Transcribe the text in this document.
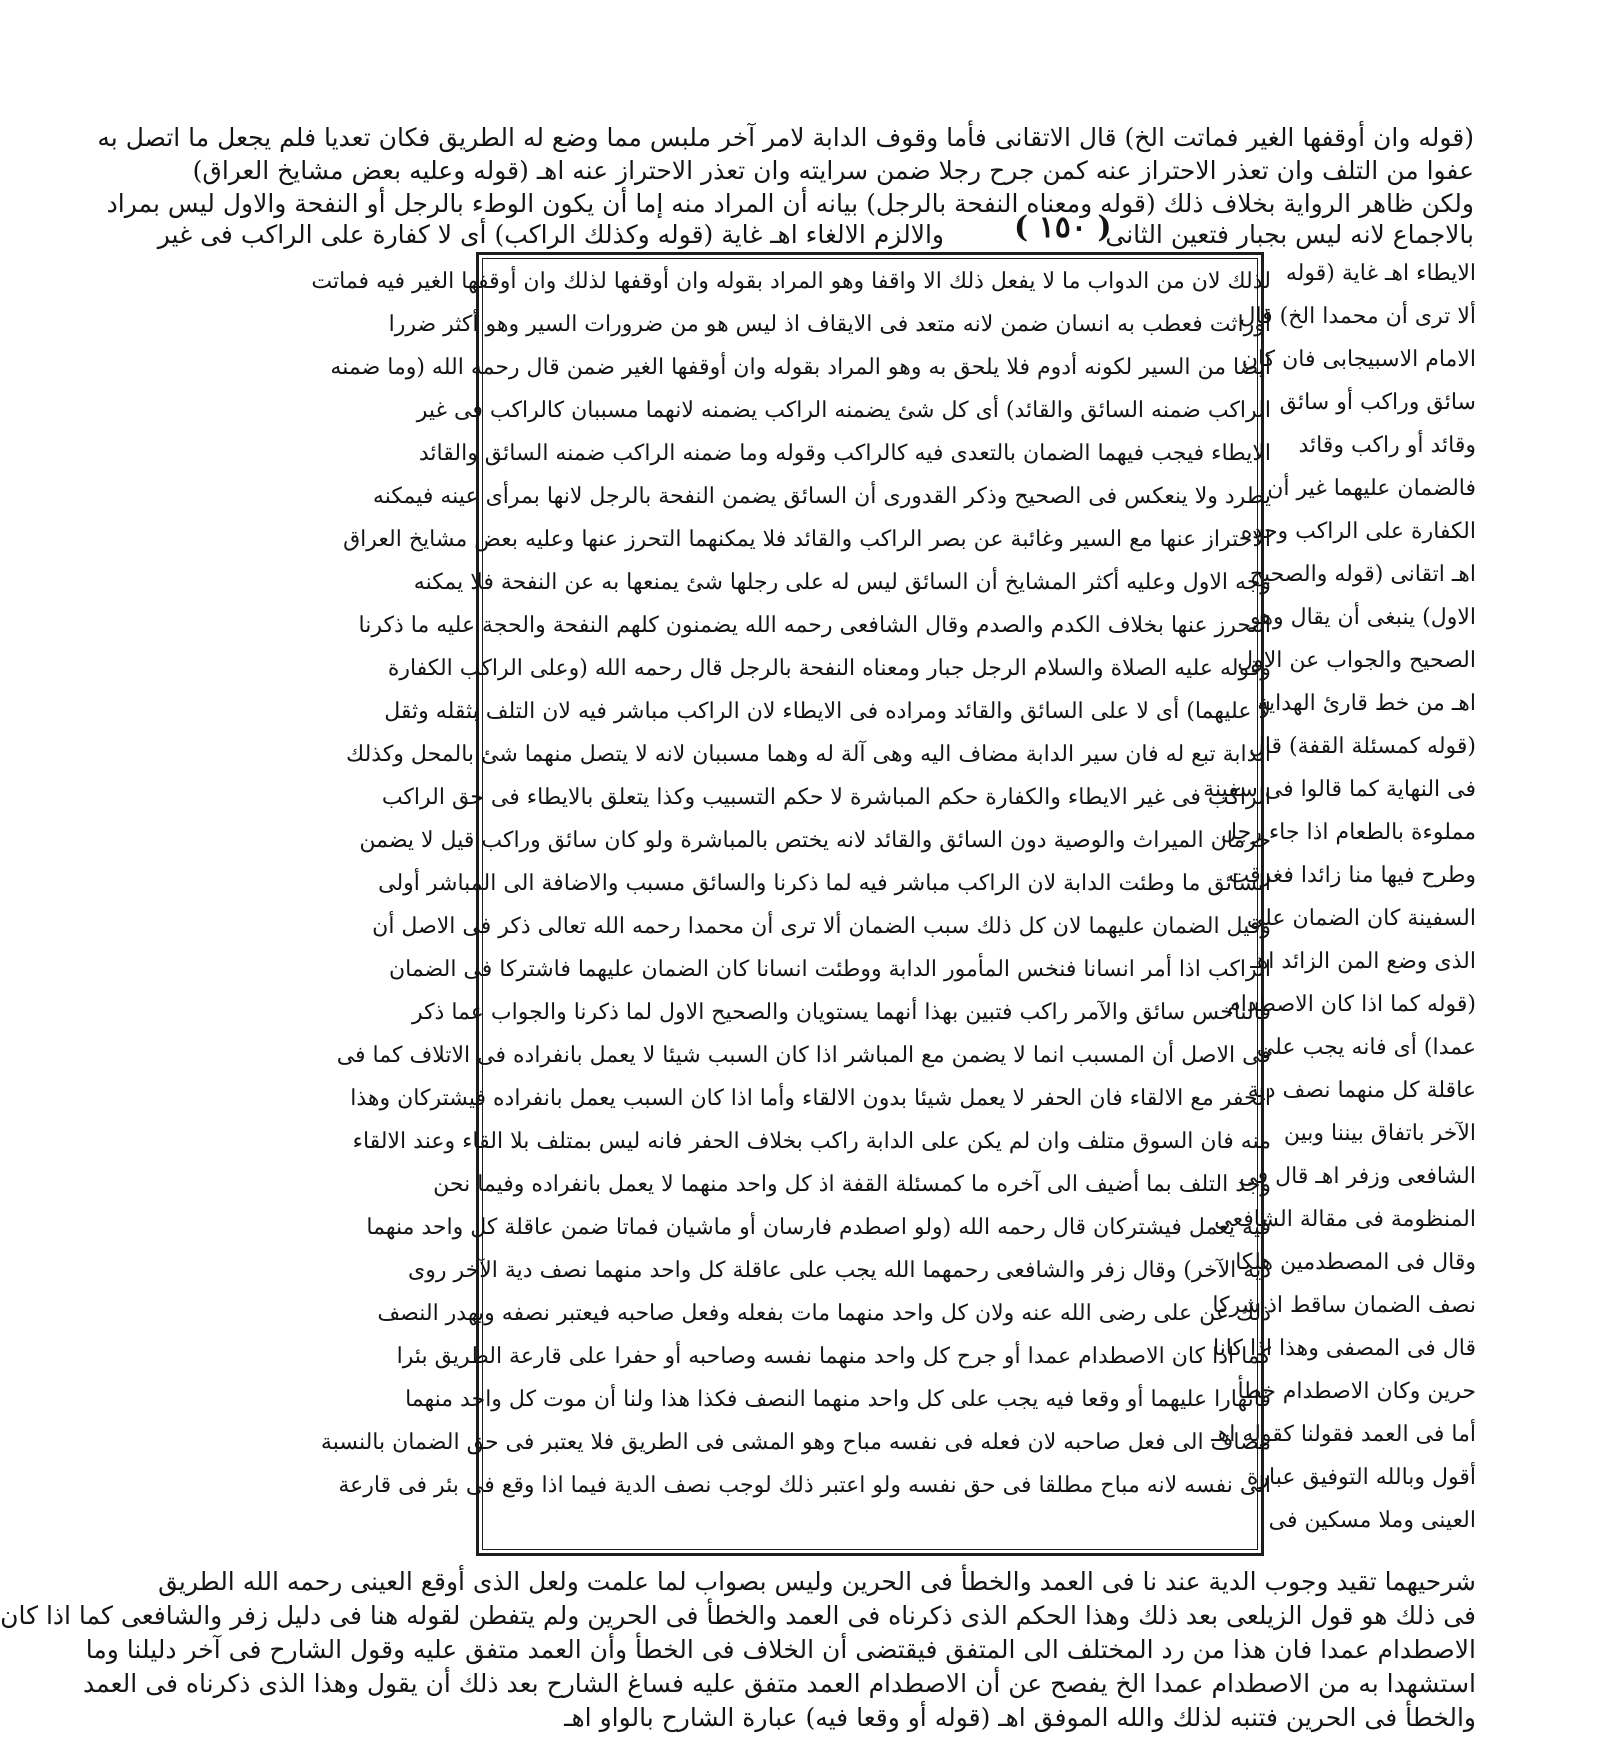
(قوله وان أوقفها الغير فماتت الخ) قال الاتقانى فأما وقوف الدابة لامر آخر ملبس مما وضع له الطريق فكان تعديا فلم يجعل ما اتصل به
عفوا من التلف وان تعذر الاحتراز عنه كمن جرح رجلا ضمن سرايته وان تعذر الاحتراز عنه اهـ (قوله وعليه بعض مشايخ العراق)
ولكن ظاهر الرواية بخلاف ذلك (قوله ومعناه النفحة بالرجل) بيانه أن المراد منه إما أن يكون الوطء بالرجل أو النفحة والاول ليس بمراد
بالاجماع لانه ليس بجبار فتعين الثانى
( ١٥٠ )
والالزم الالغاء اهـ غاية (قوله وكذلك الراكب) أى لا كفارة على الراكب فى غير
لذلك لان من الدواب ما لا يفعل ذلك الا واقفا وهو المراد بقوله وان أوقفها لذلك وان أوقفها الغير فيه فماتت
أوراثت فعطب به انسان ضمن لانه متعد فى الايقاف اذ ليس هو من ضرورات السير وهو أكثر ضررا
أيضا من السير لكونه أدوم فلا يلحق به وهو المراد بقوله وان أوقفها الغير ضمن قال رحمه الله (وما ضمنه
الراكب ضمنه السائق والقائد) أى كل شئ يضمنه الراكب يضمنه لانهما مسببان كالراكب فى غير
الايطاء فيجب فيهما الضمان بالتعدى فيه كالراكب وقوله وما ضمنه الراكب ضمنه السائق والقائد
يطرد ولا ينعكس فى الصحيح وذكر القدورى أن السائق يضمن النفحة بالرجل لانها بمرأى عينه فيمكنه
الاحتراز عنها مع السير وغائبة عن بصر الراكب والقائد فلا يمكنهما التحرز عنها وعليه بعض مشايخ العراق
وجه الاول وعليه أكثر المشايخ أن السائق ليس له على رجلها شئ يمنعها به عن النفحة فلا يمكنه
التحرز عنها بخلاف الكدم والصدم وقال الشافعى رحمه الله يضمنون كلهم النفحة والحجة عليه ما ذكرنا
وقوله عليه الصلاة والسلام الرجل جبار ومعناه النفحة بالرجل قال رحمه الله (وعلى الراكب الكفارة
لا عليهما) أى لا على السائق والقائد ومراده فى الايطاء لان الراكب مباشر فيه لان التلف بثقله وثقل
الدابة تبع له فان سير الدابة مضاف اليه وهى آلة له وهما مسببان لانه لا يتصل منهما شئ بالمحل وكذلك
الراكب فى غير الايطاء والكفارة حكم المباشرة لا حكم التسبيب وكذا يتعلق بالايطاء فى حق الراكب
حرمان الميراث والوصية دون السائق والقائد لانه يختص بالمباشرة ولو كان سائق وراكب قيل لا يضمن
السائق ما وطئت الدابة لان الراكب مباشر فيه لما ذكرنا والسائق مسبب والاضافة الى المباشر أولى
وقيل الضمان عليهما لان كل ذلك سبب الضمان ألا ترى أن محمدا رحمه الله تعالى ذكر فى الاصل أن
الراكب اذا أمر انسانا فنخس المأمور الدابة ووطئت انسانا كان الضمان عليهما فاشتركا فى الضمان
فالناخس سائق والآمر راكب فتبين بهذا أنهما يستويان والصحيح الاول لما ذكرنا والجواب عما ذكر
فى الاصل أن المسبب انما لا يضمن مع المباشر اذا كان السبب شيئا لا يعمل بانفراده فى الاتلاف كما فى
الحفر مع الالقاء فان الحفر لا يعمل شيئا بدون الالقاء وأما اذا كان السبب يعمل بانفراده فيشتركان وهذا
منه فان السوق متلف وان لم يكن على الدابة راكب بخلاف الحفر فانه ليس بمتلف بلا القاء وعند الالقاء
وجد التلف بما أضيف الى آخره ما كمسئلة القفة اذ كل واحد منهما لا يعمل بانفراده وفيما نحن
فيه يعمل فيشتركان قال رحمه الله (ولو اصطدم فارسان أو ماشيان فماتا ضمن عاقلة كل واحد منهما
دية الآخر) وقال زفر والشافعى رحمهما الله يجب على عاقلة كل واحد منهما نصف دية الآخر روى
ذلك عن على رضى الله عنه ولان كل واحد منهما مات بفعله وفعل صاحبه فيعتبر نصفه ويهدر النصف
كما اذا كان الاصطدام عمدا أو جرح كل واحد منهما نفسه وصاحبه أو حفرا على قارعة الطريق بئرا
فانهارا عليهما أو وقعا فيه يجب على كل واحد منهما النصف فكذا هذا ولنا أن موت كل واحد منهما
مضاف الى فعل صاحبه لان فعله فى نفسه مباح وهو المشى فى الطريق فلا يعتبر فى حق الضمان بالنسبة
الى نفسه لانه مباح مطلقا فى حق نفسه ولو اعتبر ذلك لوجب نصف الدية فيما اذا وقع فى بئر فى قارعة
الايطاء اهـ غاية (قوله
ألا ترى أن محمدا الخ) قال
الامام الاسبيجابى فان كان
سائق وراكب أو سائق
وقائد أو راكب وقائد
فالضمان عليهما غير أن
الكفارة على الراكب وحده
اهـ اتقانى (قوله والصحيح
الاول) ينبغى أن يقال وهو
الصحيح والجواب عن الاول
اهـ من خط قارئ الهداية
(قوله كمسئلة القفة) قال
فى النهاية كما قالوا فى سفينة
مملوءة بالطعام اذا جاء رجل
وطرح فيها منا زائدا فغرقت
السفينة كان الضمان على
الذى وضع المن الزائد اهـ
(قوله كما اذا كان الاصطدام
عمدا) أى فانه يجب على
عاقلة كل منهما نصف دية
الآخر باتفاق بيننا وبين
الشافعى وزفر اهـ قال فى
المنظومة فى مقالة الشافعى
وقال فى المصطدمين هلكا
نصف الضمان ساقط اذ شركا
قال فى المصفى وهذا اذا كانا
حرين وكان الاصطدام خطأ
أما فى العمد فقولنا كقوله اهـ
أقول وبالله التوفيق عبارة
العينى وملا مسكين فى
شرحيهما تقيد وجوب الدية عند نا فى العمد والخطأ فى الحرين وليس بصواب لما علمت ولعل الذى أوقع العينى رحمه الله الطريق
فى ذلك هو قول الزيلعى بعد ذلك وهذا الحكم الذى ذكرناه فى العمد والخطأ فى الحرين ولم يتفطن لقوله هنا فى دليل زفر والشافعى كما اذا كان
الاصطدام عمدا فان هذا من رد المختلف الى المتفق فيقتضى أن الخلاف فى الخطأ وأن العمد متفق عليه وقول الشارح فى آخر دليلنا وما
استشهدا به من الاصطدام عمدا الخ يفصح عن أن الاصطدام العمد متفق عليه فساغ الشارح بعد ذلك أن يقول وهذا الذى ذكرناه فى العمد
والخطأ فى الحرين فتنبه لذلك والله الموفق اهـ (قوله أو وقعا فيه) عبارة الشارح بالواو اهـ
